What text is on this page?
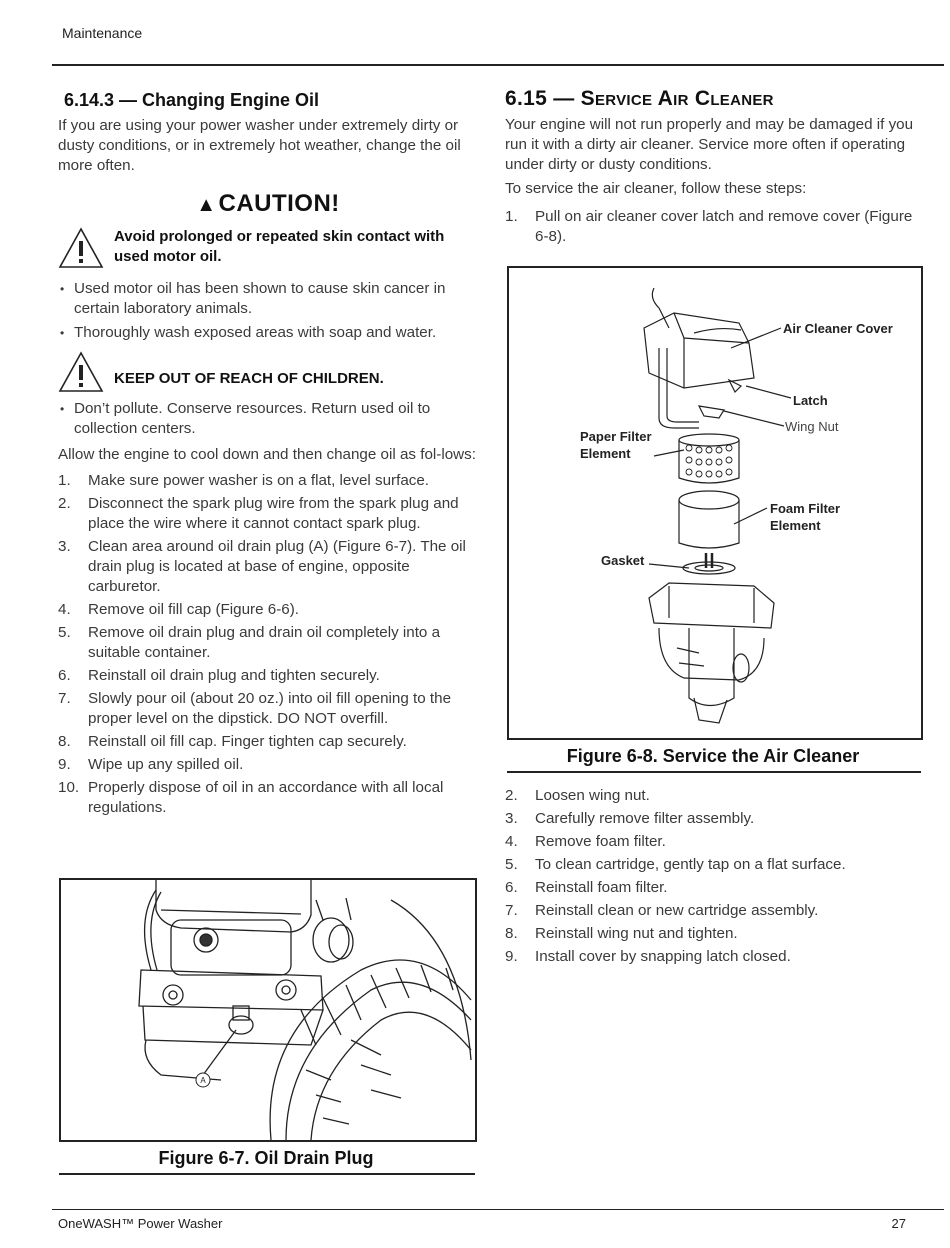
Maintenance
6.14.3 — Changing Engine Oil

If you are using your power washer under extremely dirty or dusty conditions, or in extremely hot weather, change the oil more often.

▲CAUTION!
Avoid prolonged or repeated skin contact with used motor oil.
• Used motor oil has been shown to cause skin cancer in certain laboratory animals.
• Thoroughly wash exposed areas with soap and water.
KEEP OUT OF REACH OF CHILDREN.
• Don’t pollute. Conserve resources. Return used oil to collection centers.

Allow the engine to cool down and then change oil as fol-lows:

1.	Make sure power washer is on a flat, level surface.
2.	Disconnect the spark plug wire from the spark plug and place the wire where it cannot contact spark plug.
3.	Clean area around oil drain plug (A) (Figure 6-7). The oil drain plug is located at base of engine, opposite carburetor.
4.	Remove oil fill cap (Figure 6-6).
5.	Remove oil drain plug and drain oil completely into a suitable container.
6.	Reinstall oil drain plug and tighten securely.
7.	Slowly pour oil (about 20 oz.) into oil fill opening to the proper level on the dipstick. DO NOT overfill.
8.	Reinstall oil fill cap. Finger tighten cap securely.
9.	Wipe up any spilled oil.
10. Properly dispose of oil in an accordance with all local regulations.
A
Figure 6-7. Oil Drain Plug
6.15 — Service Air Cleaner

Your engine will not run properly and may be damaged if you run it with a dirty air cleaner. Service more often if operating under dirty or dusty conditions.

To service the air cleaner, follow these steps:

1.	Pull on air cleaner cover latch and remove cover (Figure 6-8).
Air Cleaner Cover
Latch
Wing Nut
Paper Filter Element
Foam Filter Element
Gasket
Figure 6-8. Service the Air Cleaner
2.	Loosen wing nut.
3.	Carefully remove filter assembly.
4.	Remove foam filter.
5.	To clean cartridge, gently tap on a flat surface.
6.	Reinstall foam filter.
7.	Reinstall clean or new cartridge assembly.
8.	Reinstall wing nut and tighten.
9.	Install cover by snapping latch closed.
OneWASH™ Power Washer	27
